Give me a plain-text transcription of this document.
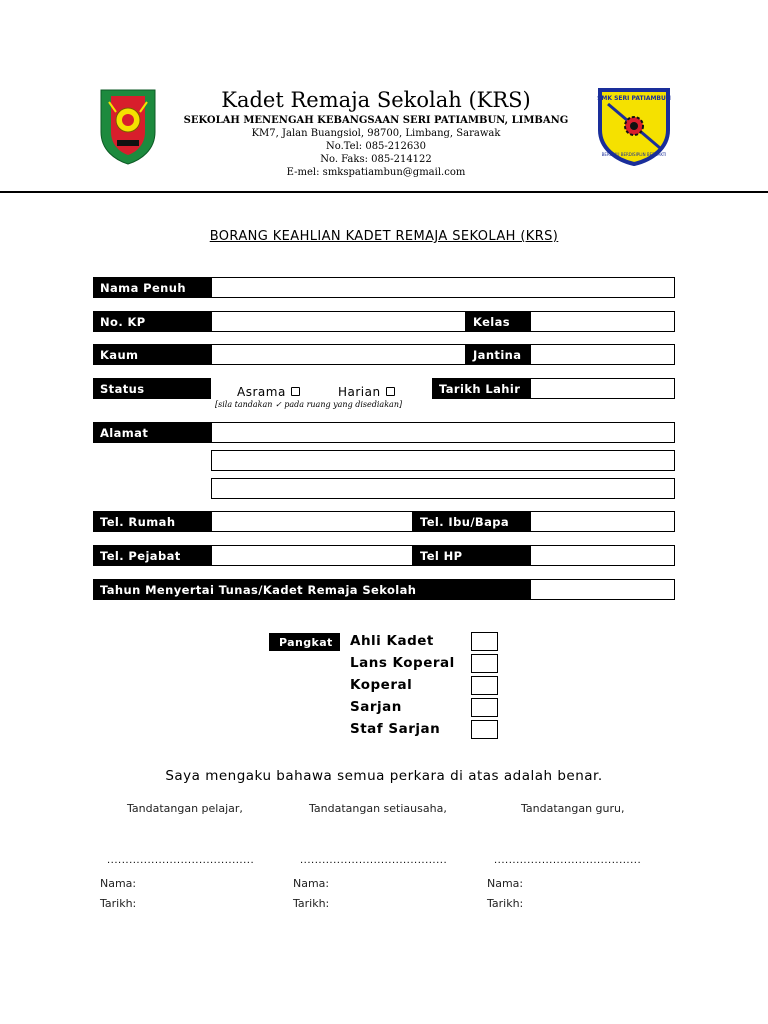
Kadet Remaja Sekolah (KRS)
SEKOLAH MENENGAH KEBANGSAAN SERI PATIAMBUN, LIMBANG
KM7, Jalan Buangsiol, 98700, Limbang, Sarawak
No.Tel: 085-212630
No. Faks: 085-214122
E-mel: smkspatiambun@gmail.com
SMK SERI PATIAMBUN
BERILMU BERDISIPLIN BERBAKTI
BORANG KEAHLIAN KADET REMAJA SEKOLAH (KRS)
Nama Penuh
No. KP	Kelas
Kaum	Jantina
Status	Asrama	Harian	Tarikh Lahir
[sila tandakan ✓ pada ruang yang disediakan]
Alamat
Tel. Rumah	Tel. Ibu/Bapa
Tel. Pejabat	Tel HP
Tahun Menyertai Tunas/Kadet Remaja Sekolah
Pangkat	Ahli Kadet
Lans Koperal
Koperal
Sarjan
Staf Sarjan
Saya mengaku bahawa semua perkara di atas adalah benar.
Tandatangan pelajar,	Tandatangan setiausaha,	Tandatangan guru,
........................................	........................................	........................................
Nama:	Nama:	Nama:
Tarikh:	Tarikh:	Tarikh:
